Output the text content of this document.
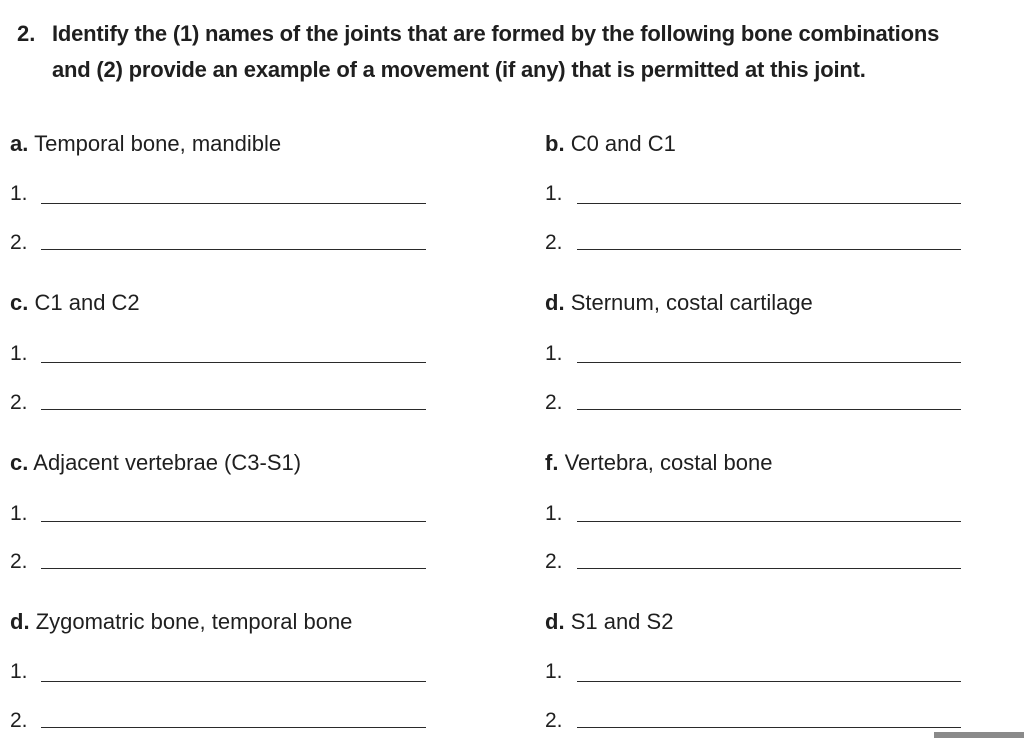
2. Identify the (1) names of the joints that are formed by the following bone combinations and (2) provide an example of a movement (if any) that is permitted at this joint.
a. Temporal bone, mandible
1.
2.
b. C0 and C1
1.
2.
c. C1 and C2
1.
2.
d. Sternum, costal cartilage
1.
2.
c. Adjacent vertebrae (C3-S1)
1.
2.
f. Vertebra, costal bone
1.
2.
d. Zygomatric bone, temporal bone
1.
2.
d. S1 and S2
1.
2.
